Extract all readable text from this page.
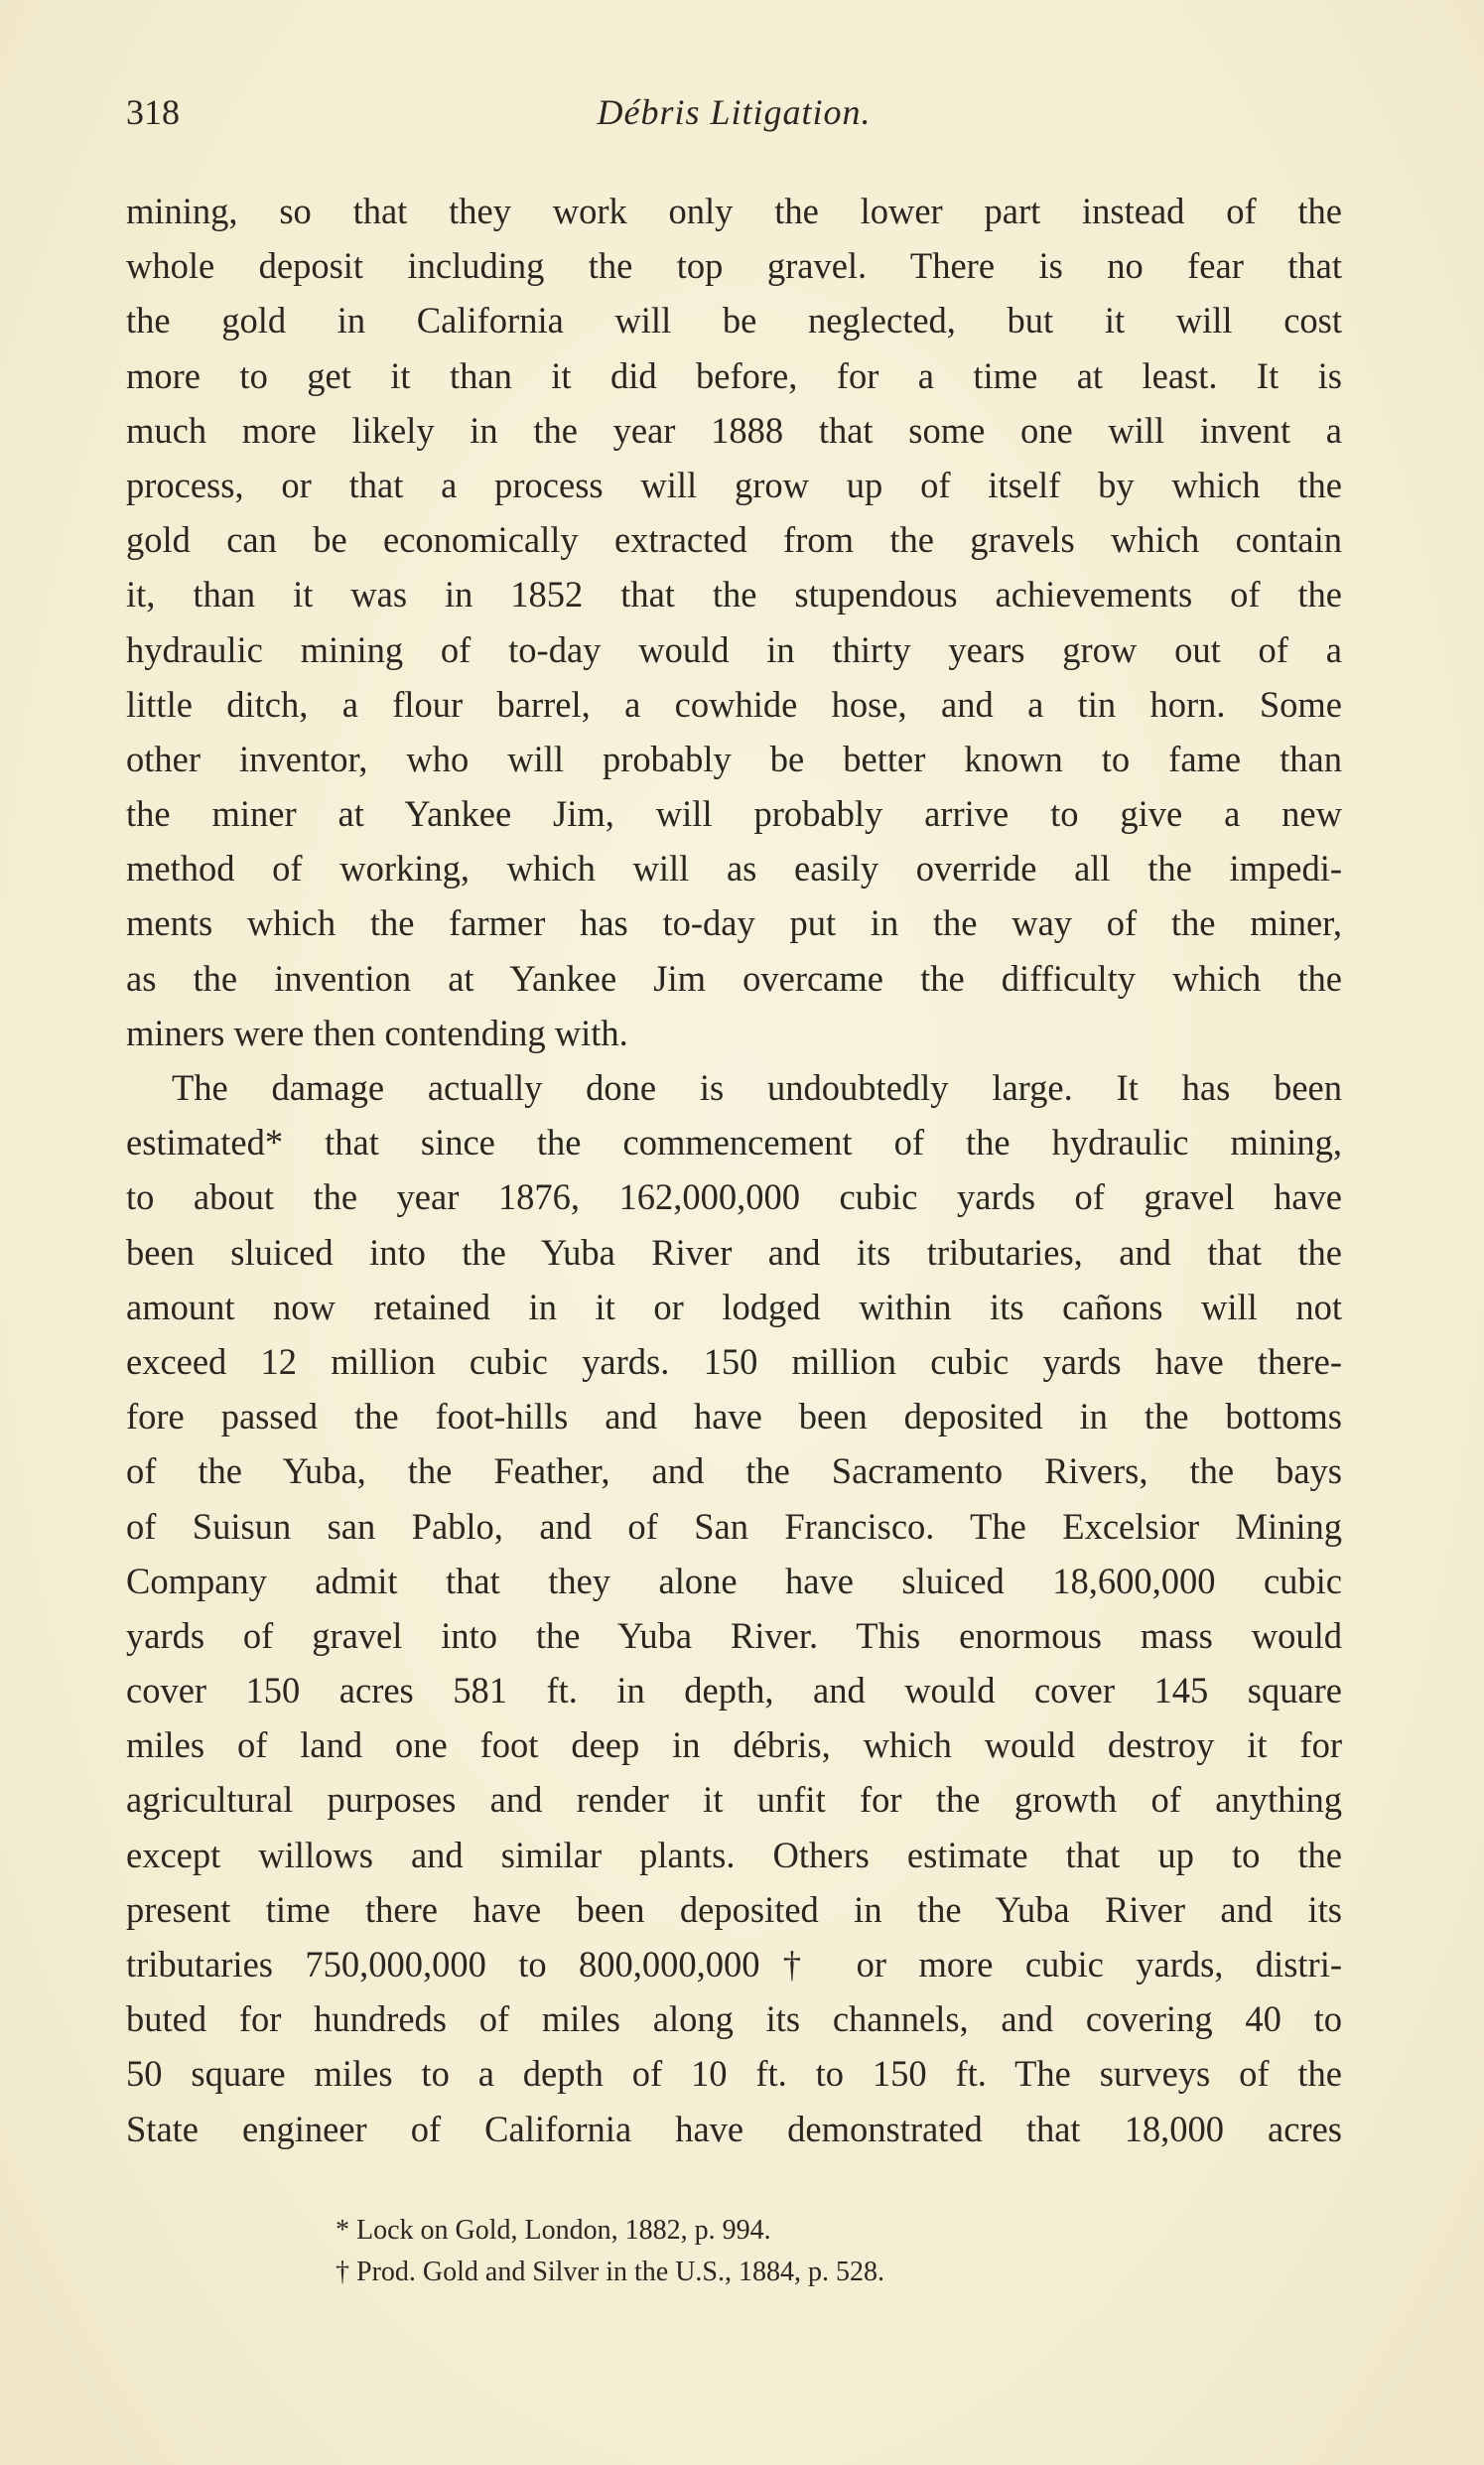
318	Débris Litigation.
mining, so that they work only the lower part instead of the
whole deposit including the top gravel. There is no fear that
the gold in California will be neglected, but it will cost
more to get it than it did before, for a time at least. It is
much more likely in the year 1888 that some one will invent a
process, or that a process will grow up of itself by which the
gold can be economically extracted from the gravels which contain
it, than it was in 1852 that the stupendous achievements of the
hydraulic mining of to-day would in thirty years grow out of a
little ditch, a flour barrel, a cowhide hose, and a tin horn. Some
other inventor, who will probably be better known to fame than
the miner at Yankee Jim, will probably arrive to give a new
method of working, which will as easily override all the impedi-
ments which the farmer has to-day put in the way of the miner,
as the invention at Yankee Jim overcame the difficulty which the
miners were then contending with.
The damage actually done is undoubtedly large. It has been
estimated* that since the commencement of the hydraulic mining,
to about the year 1876, 162,000,000 cubic yards of gravel have
been sluiced into the Yuba River and its tributaries, and that the
amount now retained in it or lodged within its cañons will not
exceed 12 million cubic yards. 150 million cubic yards have there-
fore passed the foot-hills and have been deposited in the bottoms
of the Yuba, the Feather, and the Sacramento Rivers, the bays
of Suisun san Pablo, and of San Francisco. The Excelsior Mining
Company admit that they alone have sluiced 18,600,000 cubic
yards of gravel into the Yuba River. This enormous mass would
cover 150 acres 581 ft. in depth, and would cover 145 square
miles of land one foot deep in débris, which would destroy it for
agricultural purposes and render it unfit for the growth of anything
except willows and similar plants. Others estimate that up to the
present time there have been deposited in the Yuba River and its
tributaries 750,000,000 to 800,000,000† or more cubic yards, distri-
buted for hundreds of miles along its channels, and covering 40 to
50 square miles to a depth of 10 ft. to 150 ft. The surveys of the
State engineer of California have demonstrated that 18,000 acres
* Lock on Gold, London, 1882, p. 994.
† Prod. Gold and Silver in the U.S., 1884, p. 528.
